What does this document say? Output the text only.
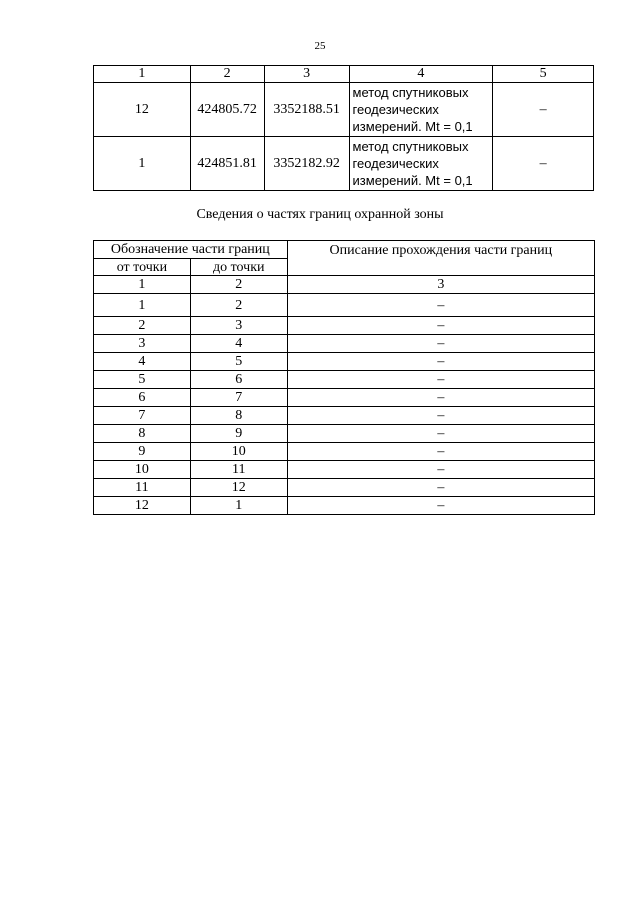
25
1	2	3	4	5
12	424805.72	3352188.51	метод спутниковых
геодезических
измерений. Mt = 0,1	–
1	424851.81	3352182.92	метод спутниковых
геодезических
измерений. Mt = 0,1	–
Сведения о частях границ охранной зоны
Обозначение части границ		Описание прохождения части границ
от точки	до точки	
1	2	3
1	2	–
2	3	–
3	4	–
4	5	–
5	6	–
6	7	–
7	8	–
8	9	–
9	10	–
10	11	–
11	12	–
12	1	–
